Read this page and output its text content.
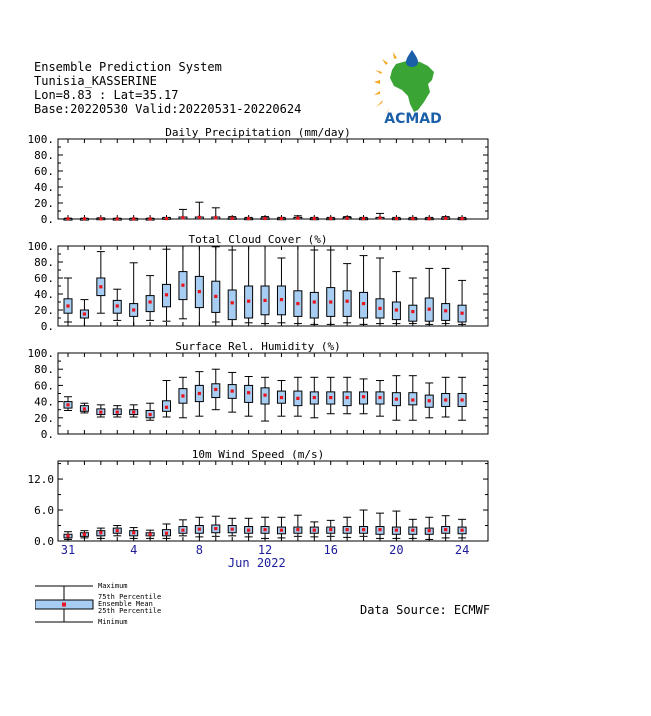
Ensemble Prediction System
Tunisia_KASSERINE
Lon=8.83 : Lat=35.17
Base:20220530 Valid:20220531-20220624
ACMAD
Daily Precipitation (mm/day)
0.
20.
40.
60.
80.
100.
Total Cloud Cover (%)
0.
20.
40.
60.
80.
100.
Surface Rel. Humidity (%)
0.
20.
40.
60.
80.
100.
10m Wind Speed (m/s)
0.0
6.0
12.0
31	4	8	12	16	20	24
Jun 2022
Maximum
75th Percentile
Ensemble Mean
25th Percentile
Minimum
Data Source: ECMWF
